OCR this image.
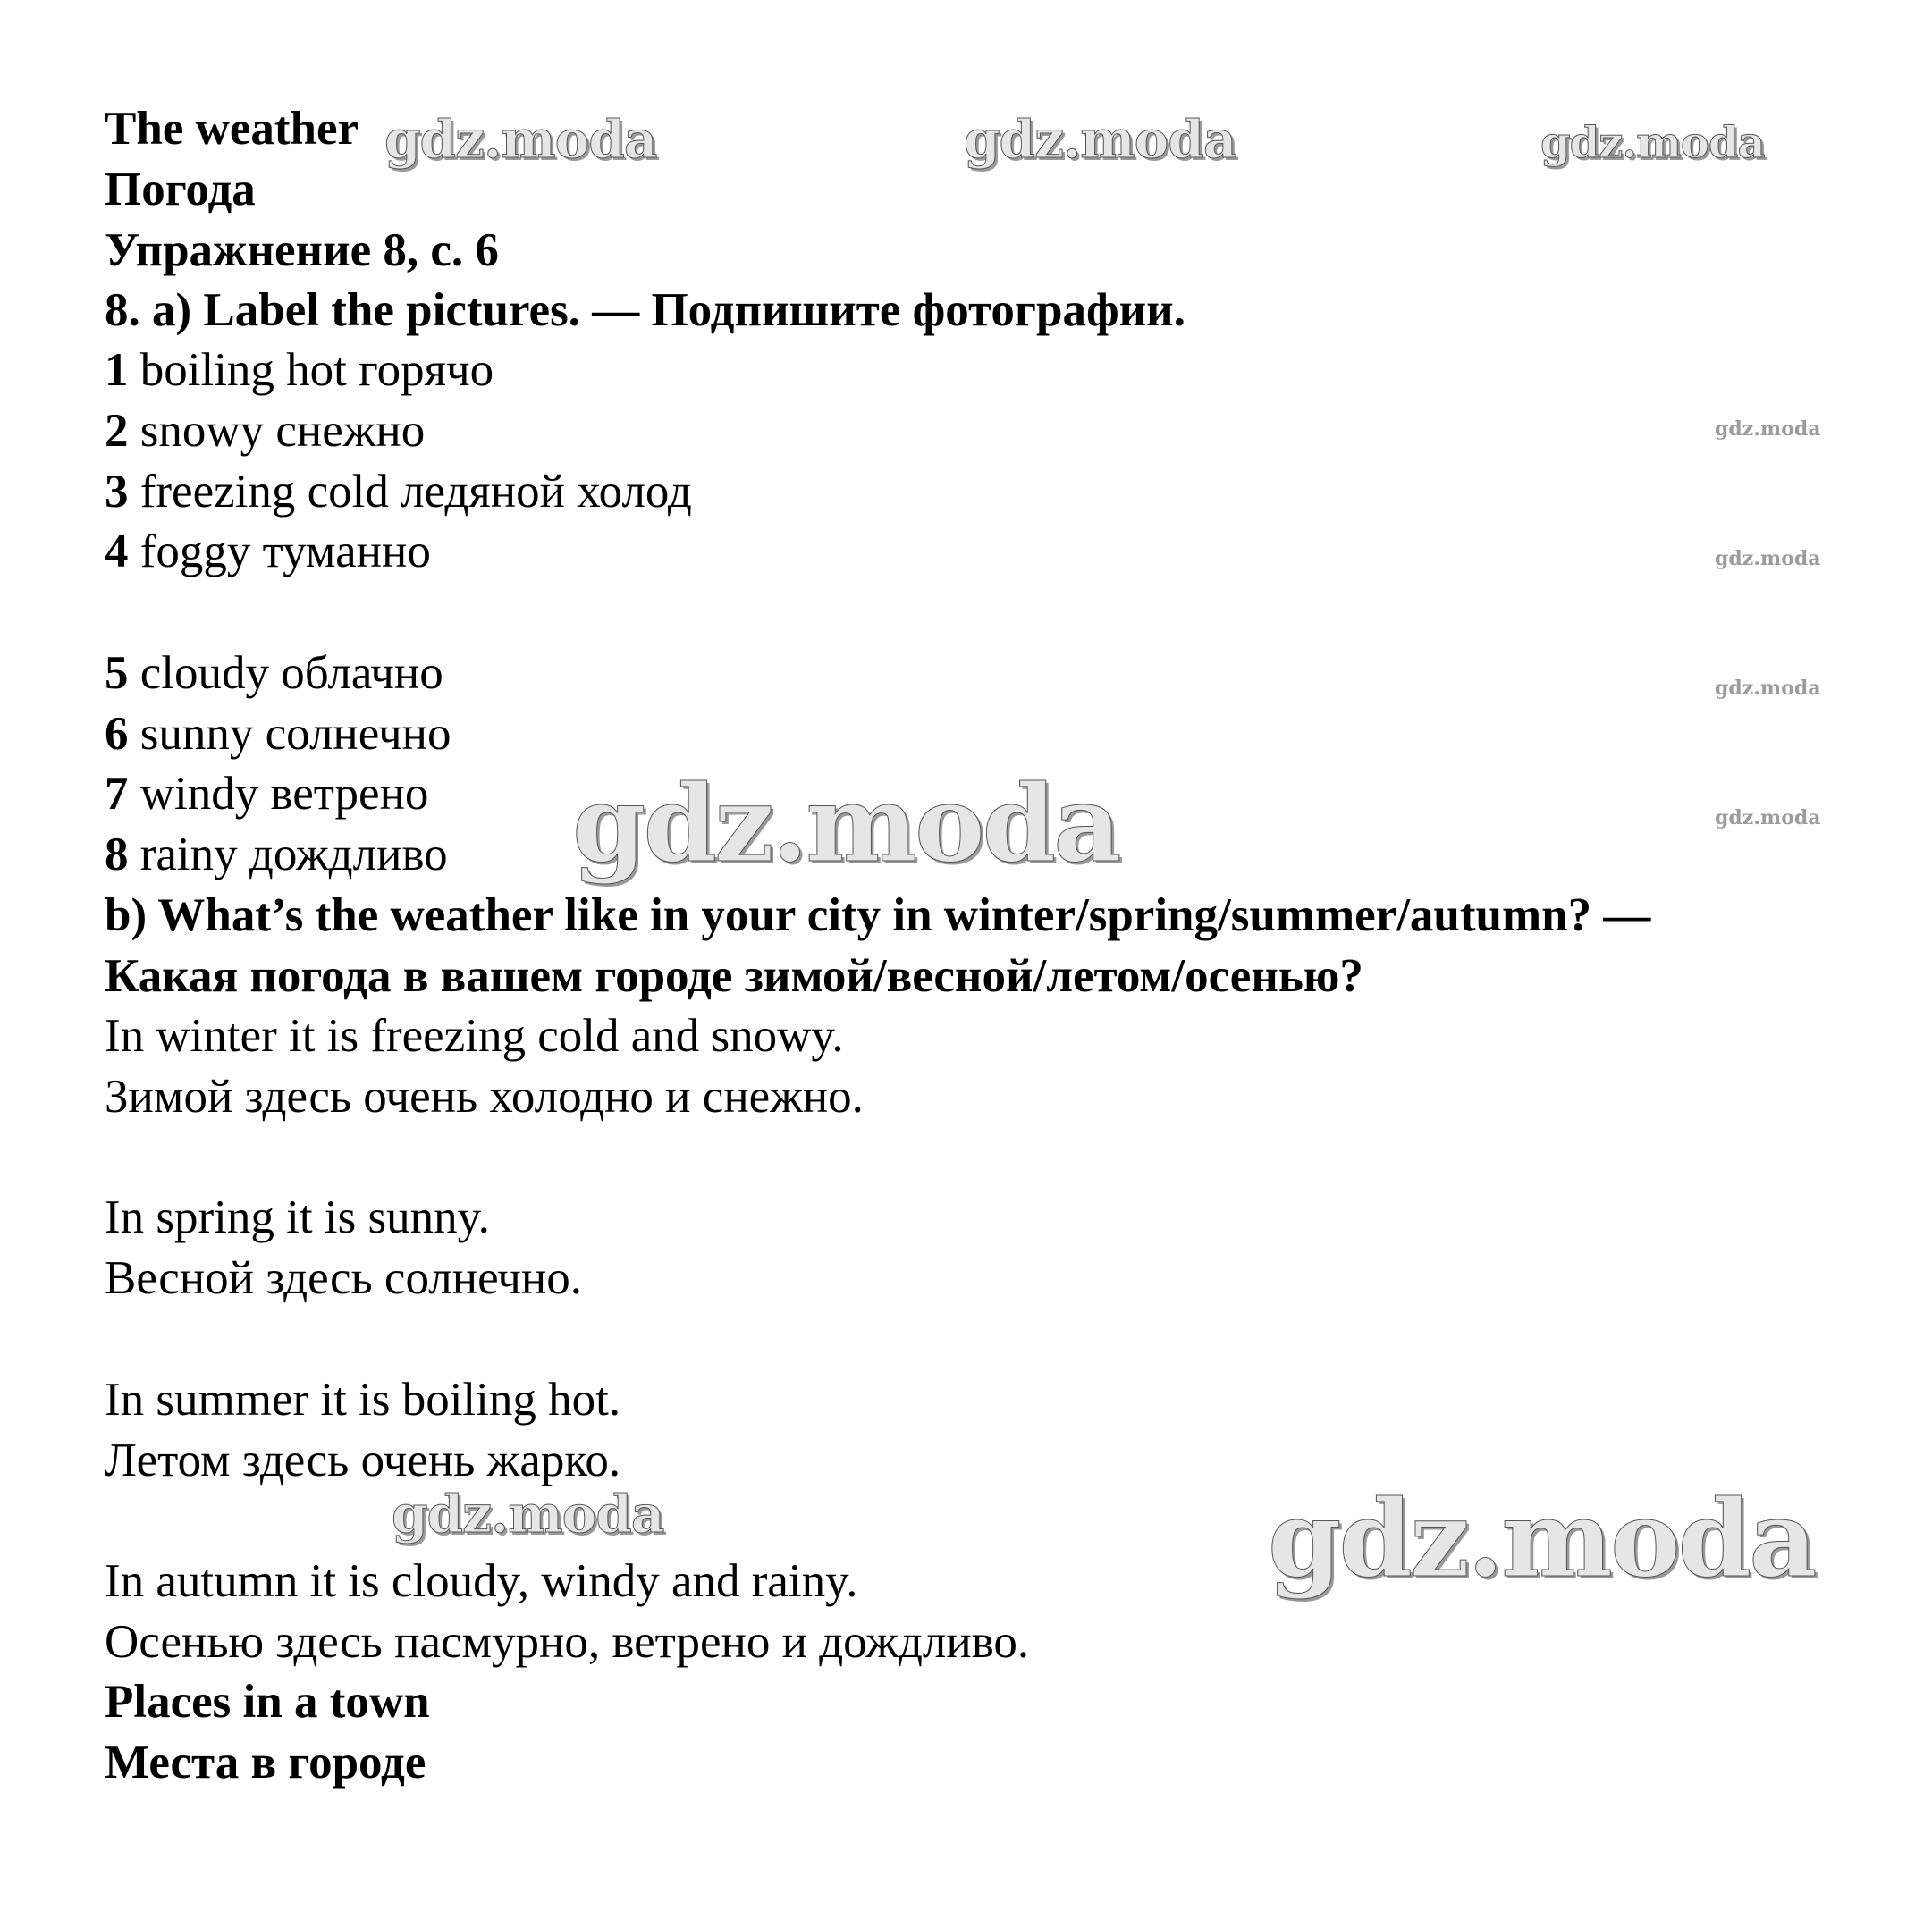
gdz.moda	gdz.moda	gdz.moda
gdz.moda
gdz.moda
gdz.moda
gdz.moda
gdz.moda
gdz.moda	gdz.moda
The weather
Погода
Упражнение 8, с. 6
8. a) Label the pictures. — Подпишите фотографии.
1 boiling hot горячо
2 snowy снежно
3 freezing cold ледяной холод
4 foggy туманно
5 cloudy облачно
6 sunny солнечно
7 windy ветрено
8 rainy дождливо
b) What’s the weather like in your city in winter/spring/summer/autumn? —
Какая погода в вашем городе зимой/весной/летом/осенью?
In winter it is freezing cold and snowy.
Зимой здесь очень холодно и снежно.
In spring it is sunny.
Весной здесь солнечно.
In summer it is boiling hot.
Летом здесь очень жарко.
In autumn it is cloudy, windy and rainy.
Осенью здесь пасмурно, ветрено и дождливо.
Places in a town
Места в городе
